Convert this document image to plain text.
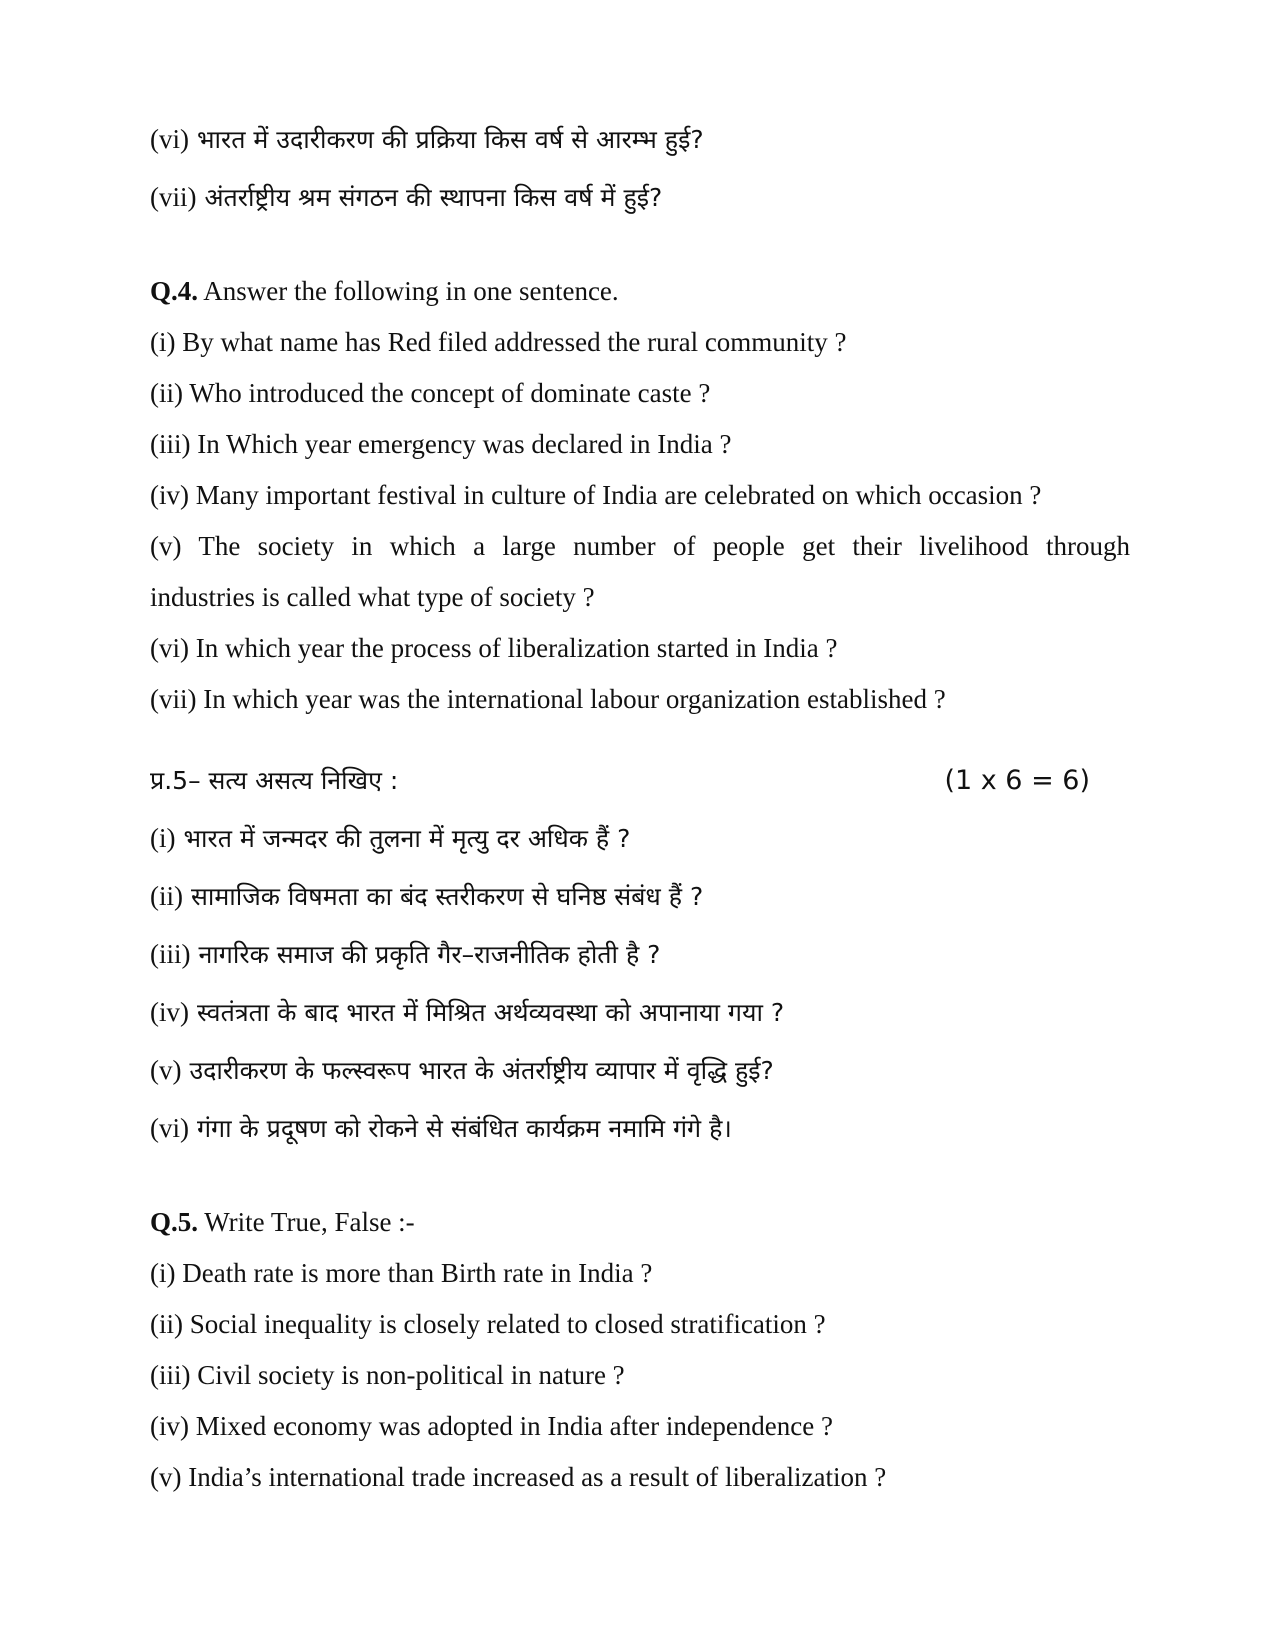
(vi) भारत में उदारीकरण की प्रक्रिया किस वर्ष से आरम्भ हुई?
(vii) अंतर्राष्ट्रीय श्रम संगठन की स्थापना किस वर्ष में हुई?
Q.4. Answer the following in one sentence.
(i) By what name has Red filed addressed the rural community ?
(ii) Who introduced the concept of dominate caste ?
(iii) In Which year emergency was declared in India ?
(iv) Many important festival in culture of India are celebrated on which occasion ?
(v) The society in which a large number of people get their livelihood through
industries is called what type of society ?
(vi) In which year the process of liberalization started in India ?
(vii) In which year was the international labour organization established ?
प्र.5– सत्य असत्य निखिए :	(1 x 6 = 6)
(i) भारत में जन्मदर की तुलना में मृत्यु दर अधिक हैं ?
(ii) सामाजिक विषमता का बंद स्तरीकरण से घनिष्ठ संबंध हैं ?
(iii) नागरिक समाज की प्रकृति गैर–राजनीतिक होती है ?
(iv) स्वतंत्रता के बाद भारत में मिश्रित अर्थव्यवस्था को अपानाया गया ?
(v) उदारीकरण के फल्स्वरूप भारत के अंतर्राष्ट्रीय व्यापार में वृद्धि हुई?
(vi) गंगा के प्रदूषण को रोकने से संबंधित कार्यक्रम नमामि गंगे है।
Q.5. Write True, False :-
(i) Death rate is more than Birth rate in India ?
(ii) Social inequality is closely related to closed stratification ?
(iii) Civil society is non-political in nature ?
(iv) Mixed economy was adopted in India after independence ?
(v) India’s international trade increased as a result of liberalization ?
